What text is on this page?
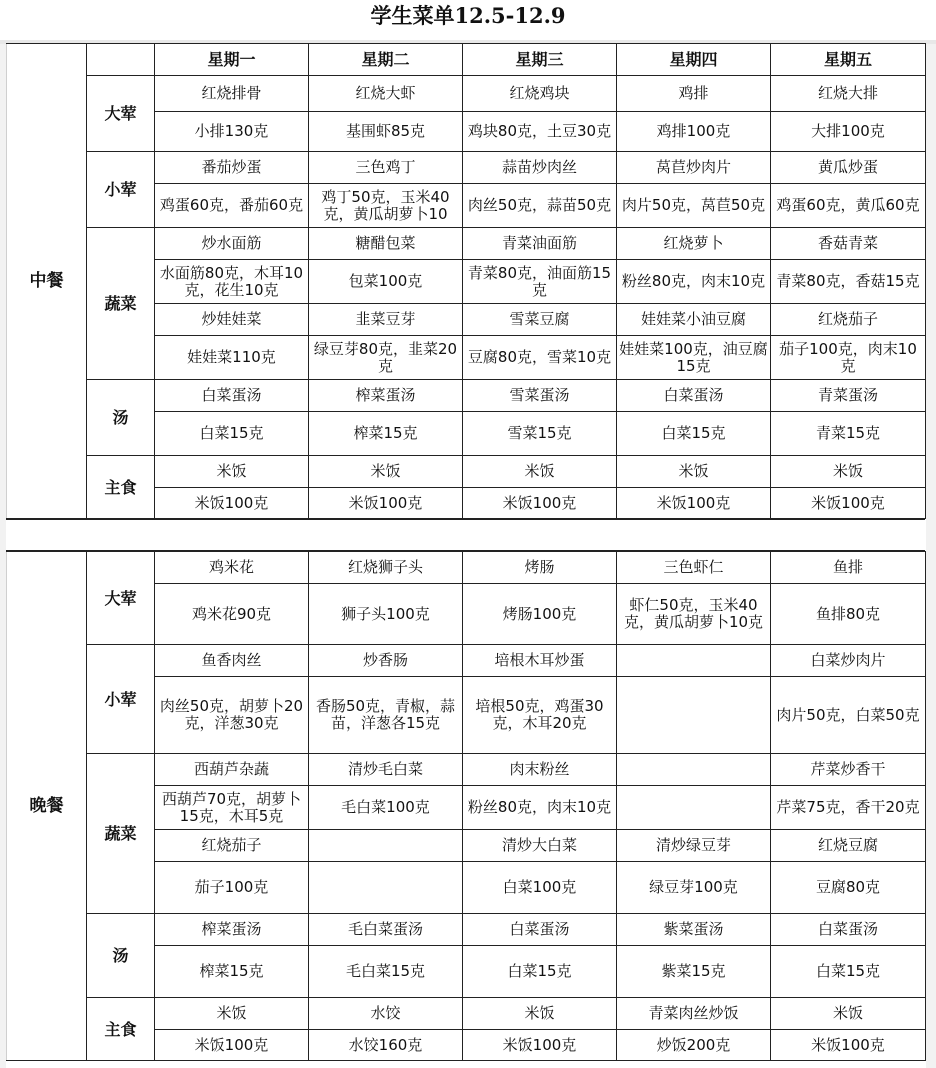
学生菜单12.5-12.9
中餐		星期一	星期二	星期三	星期四	星期五
	大荤	红烧排骨	红烧大虾	红烧鸡块	鸡排	红烧大排
		小排130克	基围虾85克	鸡块80克，土豆30克	鸡排100克	大排100克
	小荤	番茄炒蛋	三色鸡丁	蒜苗炒肉丝	莴苣炒肉片	黄瓜炒蛋
		鸡蛋60克，番茄60克	鸡丁50克，玉米40克，黄瓜胡萝卜10	肉丝50克，蒜苗50克	肉片50克，莴苣50克	鸡蛋60克，黄瓜60克
	蔬菜	炒水面筋	糖醋包菜	青菜油面筋	红烧萝卜	香菇青菜
		水面筋80克，木耳10克，花生10克	包菜100克	青菜80克，油面筋15克	粉丝80克，肉末10克	青菜80克，香菇15克
		炒娃娃菜	韭菜豆芽	雪菜豆腐	娃娃菜小油豆腐	红烧茄子
		娃娃菜110克	绿豆芽80克，韭菜20克	豆腐80克，雪菜10克	娃娃菜100克，油豆腐15克	茄子100克，肉末10克
	汤	白菜蛋汤	榨菜蛋汤	雪菜蛋汤	白菜蛋汤	青菜蛋汤
		白菜15克	榨菜15克	雪菜15克	白菜15克	青菜15克
	主食	米饭	米饭	米饭	米饭	米饭
		米饭100克	米饭100克	米饭100克	米饭100克	米饭100克
晚餐	大荤	鸡米花	红烧狮子头	烤肠	三色虾仁	鱼排
		鸡米花90克	狮子头100克	烤肠100克	虾仁50克，玉米40克，黄瓜胡萝卜10克	鱼排80克
	小荤	鱼香肉丝	炒香肠	培根木耳炒蛋		白菜炒肉片
		肉丝50克，胡萝卜20克，洋葱30克	香肠50克，青椒，蒜苗，洋葱各15克	培根50克，鸡蛋30克，木耳20克		肉片50克，白菜50克
	蔬菜	西葫芦杂蔬	清炒毛白菜	肉末粉丝		芹菜炒香干
		西葫芦70克，胡萝卜15克，木耳5克	毛白菜100克	粉丝80克，肉末10克		芹菜75克，香干20克
		红烧茄子		清炒大白菜	清炒绿豆芽	红烧豆腐
		茄子100克		白菜100克	绿豆芽100克	豆腐80克
	汤	榨菜蛋汤	毛白菜蛋汤	白菜蛋汤	紫菜蛋汤	白菜蛋汤
		榨菜15克	毛白菜15克	白菜15克	紫菜15克	白菜15克
	主食	米饭	水饺	米饭	青菜肉丝炒饭	米饭
		米饭100克	水饺160克	米饭100克	炒饭200克	米饭100克
